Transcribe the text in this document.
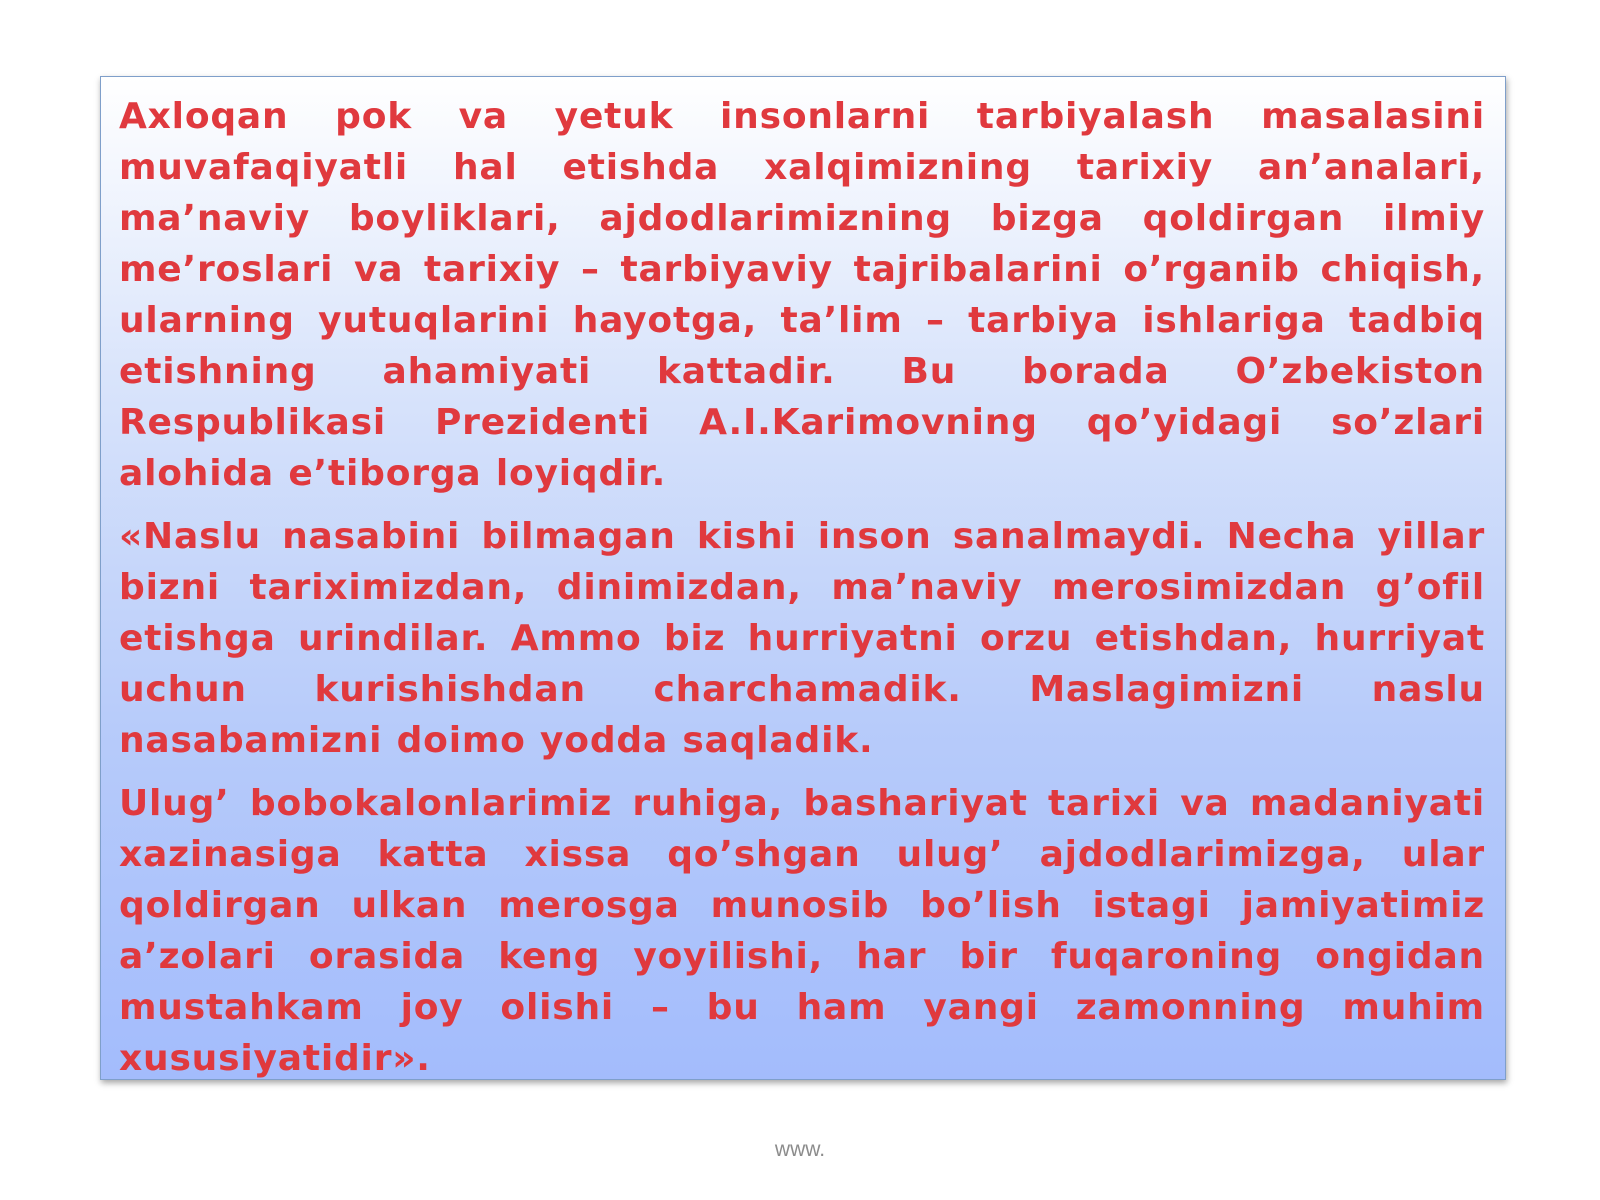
Axloqan pok va yetuk insonlarni tarbiyalash masalasini muvafaqiyatli hal etishda xalqimizning tarixiy an’analari, ma’naviy boyliklari, ajdodlarimizning bizga qoldirgan ilmiy me’roslari va tarixiy – tarbiyaviy tajribalarini o’rganib chiqish, ularning yutuqlarini hayotga, ta’lim – tarbiya ishlariga tadbiq etishning ahamiyati kattadir. Bu borada O’zbekiston Respublikasi Prezidenti A.I.Karimovning qo’yidagi so’zlari alohida e’tiborga loyiqdir.

«Naslu nasabini bilmagan kishi inson sanalmaydi. Necha yillar bizni tariximizdan, dinimizdan, ma’naviy merosimizdan g’ofil etishga urindilar. Ammo biz hurriyatni orzu etishdan, hurriyat uchun kurishishdan charchamadik. Maslagimizni naslu nasabamizni doimo yodda saqladik.

Ulug’ bobokalonlarimiz ruhiga, bashariyat tarixi va madaniyati xazinasiga katta xissa qo’shgan ulug’ ajdodlarimizga, ular qoldirgan ulkan merosga munosib bo’lish istagi jamiyatimiz a’zolari orasida keng yoyilishi, har bir fuqaroning ongidan mustahkam joy olishi – bu ham yangi zamonning muhim xususiyatidir».

www.
